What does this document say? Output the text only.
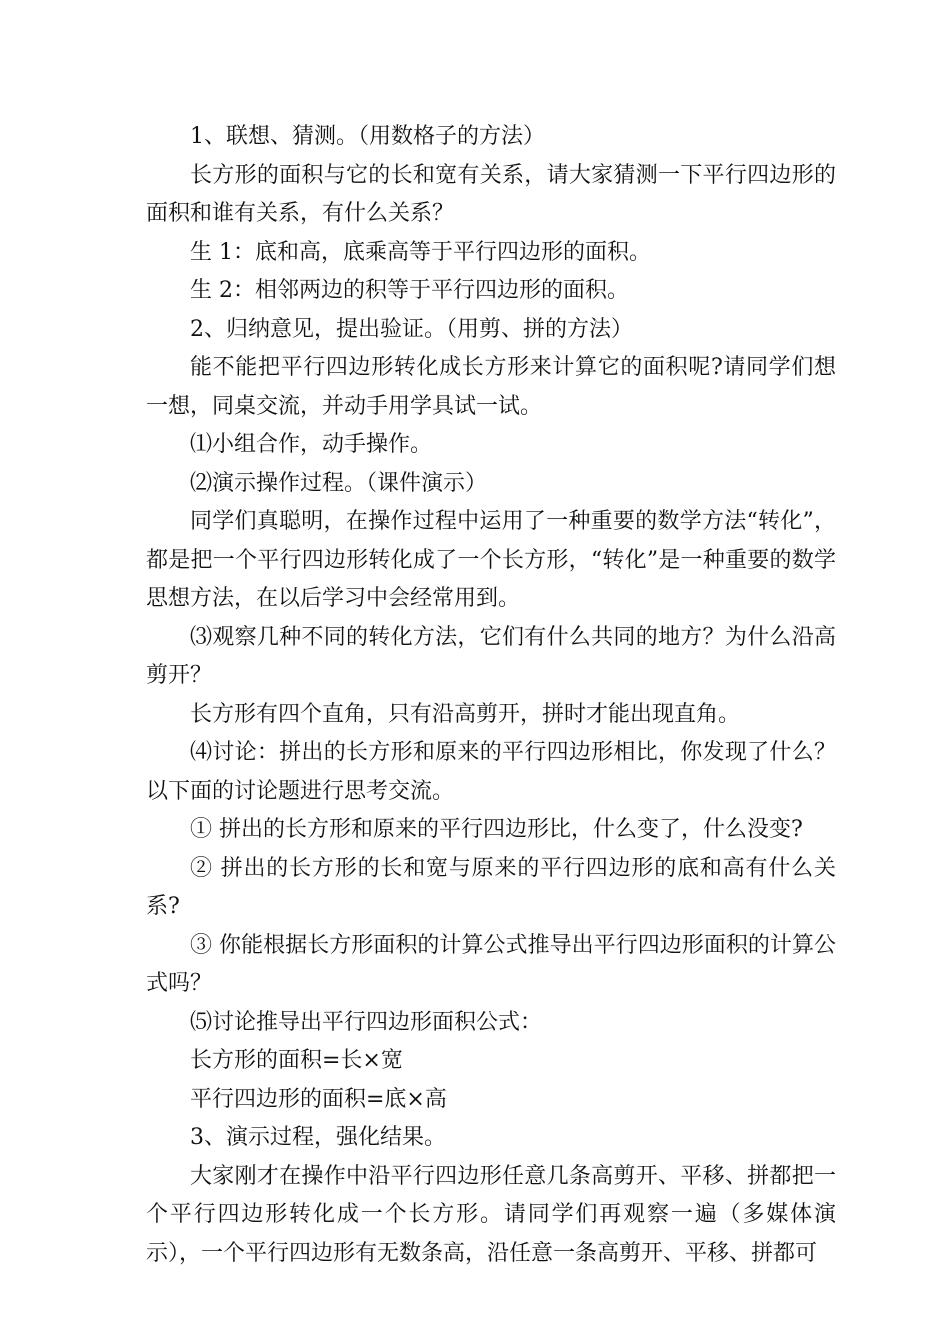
1、联想、猜测。（用数格子的方法）

长方形的面积与它的长和宽有关系，请大家猜测一下平行四边形的面积和谁有关系，有什么关系？

生 1：底和高，底乘高等于平行四边形的面积。

生 2：相邻两边的积等于平行四边形的面积。

2、归纳意见，提出验证。（用剪、拼的方法）

能不能把平行四边形转化成长方形来计算它的面积呢?请同学们想一想，同桌交流，并动手用学具试一试。

⑴小组合作，动手操作。

⑵演示操作过程。（课件演示）

同学们真聪明，在操作过程中运用了一种重要的数学方法“转化”，都是把一个平行四边形转化成了一个长方形，“转化”是一种重要的数学思想方法，在以后学习中会经常用到。

⑶观察几种不同的转化方法，它们有什么共同的地方？为什么沿高剪开？

长方形有四个直角，只有沿高剪开，拼时才能出现直角。

⑷讨论：拼出的长方形和原来的平行四边形相比，你发现了什么？以下面的讨论题进行思考交流。

① 拼出的长方形和原来的平行四边形比，什么变了，什么没变?

② 拼出的长方形的长和宽与原来的平行四边形的底和高有什么关系?

③ 你能根据长方形面积的计算公式推导出平行四边形面积的计算公式吗？

⑸讨论推导出平行四边形面积公式：

长方形的面积=长×宽

平行四边形的面积=底×高

3、演示过程，强化结果。

大家刚才在操作中沿平行四边形任意几条高剪开、平移、拼都把一个平行四边形转化成一个长方形。请同学们再观察一遍（多媒体演示），一个平行四边形有无数条高，沿任意一条高剪开、平移、拼都可
